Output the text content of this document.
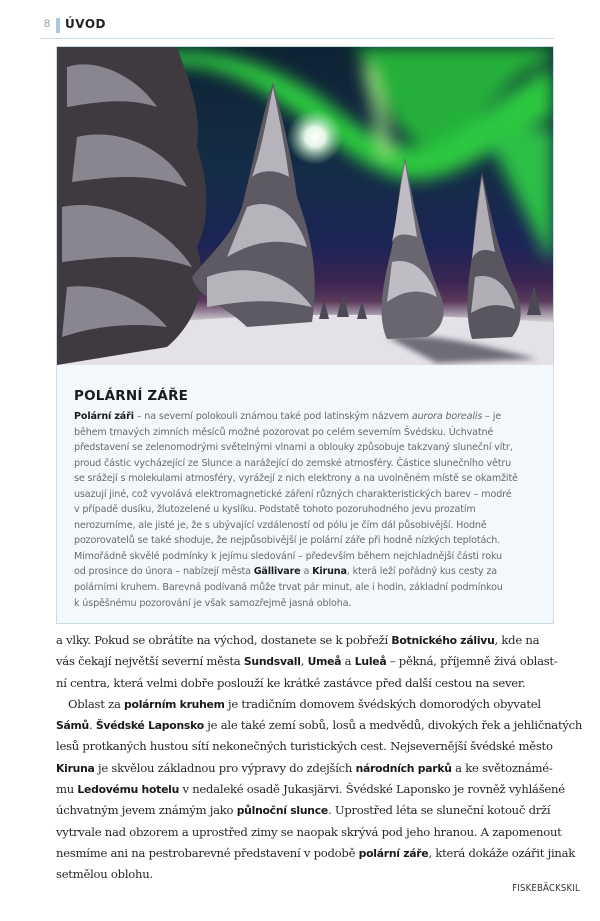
8 ÚVOD
POLÁRNÍ ZÁŘE
Polární záři – na severní polokouli známou také pod latinským názvem aurora borealis – je
během tmavých zimních měsíců možné pozorovat po celém severním Švédsku. Úchvatné
představení se zelenomodrými světelnými vlnami a oblouky způsobuje takzvaný sluneční vítr,
proud částic vycházející ze Slunce a narážející do zemské atmosféry. Částice slunečního větru
se srážejí s molekulami atmosféry, vyrážejí z nich elektrony a na uvolněném místě se okamžitě
usazují jiné, což vyvolává elektromagnetické záření různých charakteristických barev – modré
v případě dusíku, žlutozelené u kyslíku. Podstatě tohoto pozoruhodného jevu prozatím
nerozumíme, ale jisté je, že s ubývající vzdáleností od pólu je čím dál působivější. Hodně
pozorovatelů se také shoduje, že nejpůsobivější je polární záře při hodně nízkých teplotách.
Mimořádně skvělé podmínky k jejímu sledování – především během nejchladnější části roku
od prosince do února – nabízejí města Gällivare a Kiruna, která leží pořádný kus cesty za
polárními kruhem. Barevná podívaná může trvat pár minut, ale i hodin, základní podmínkou
k úspěšnému pozorování je však samozřejmě jasná obloha.
a vlky. Pokud se obrátíte na východ, dostanete se k pobřeží Botnického zálivu, kde na
vás čekají největší severní města Sundsvall, Umeå a Luleå – pěkná, příjemně živá oblast-
ní centra, která velmi dobře poslouží ke krátké zastávce před další cestou na sever.
Oblast za polárním kruhem je tradičním domovem švédských domorodých obyvatel
Sámů. Švédské Laponsko je ale také zemí sobů, losů a medvědů, divokých řek a jehličnatých
lesů protkaných hustou sítí nekonečných turistických cest. Nejsevernější švédské město
Kiruna je skvělou základnou pro výpravy do zdejších národních parků a ke světoznámé-
mu Ledovému hotelu v nedaleké osadě Jukasjärvi. Švédské Laponsko je rovněž vyhlášené
úchvatným jevem známým jako půlnoční slunce. Uprostřed léta se sluneční kotouč drží
vytrvale nad obzorem a uprostřed zimy se naopak skrývá pod jeho hranou. A zapomenout
nesmíme ani na pestrobarevné představení v podobě polární záře, která dokáže ozářit jinak
setmělou oblohu.
FISKEBÄCKSKIL
